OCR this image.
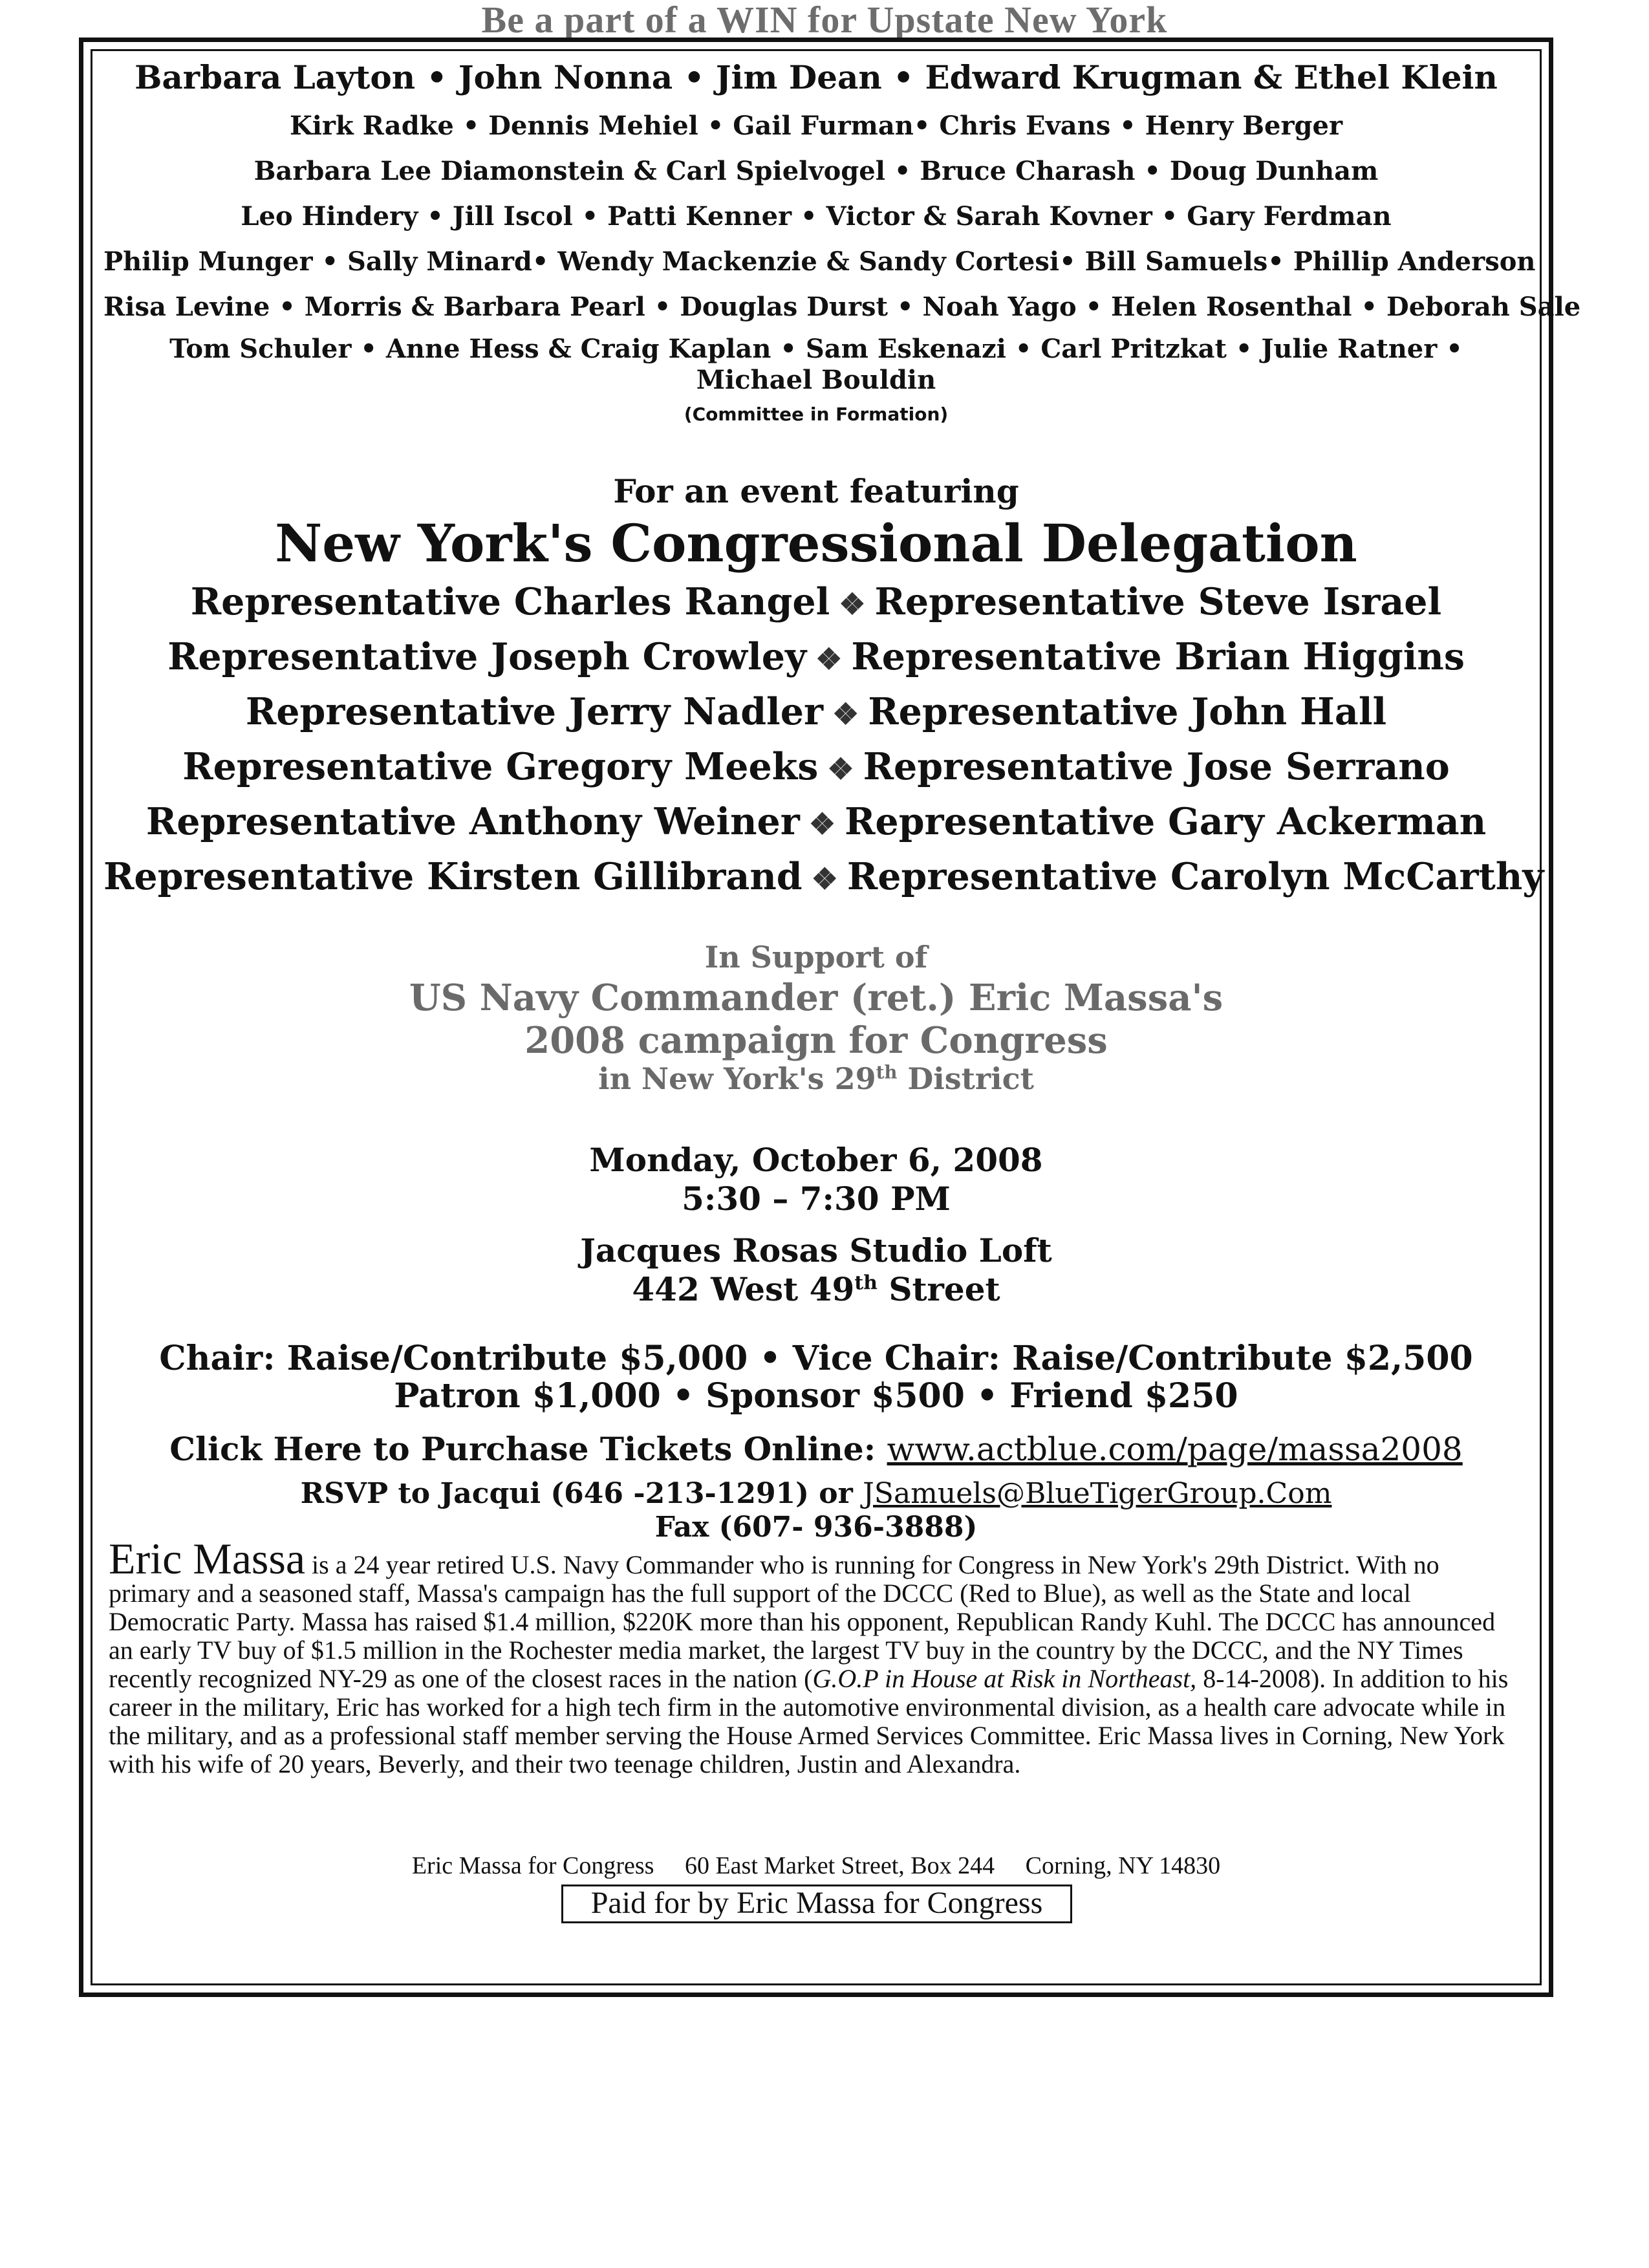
Be a part of a WIN for Upstate New York
Barbara Layton • John Nonna • Jim Dean • Edward Krugman & Ethel Klein
Kirk Radke • Dennis Mehiel • Gail Furman• Chris Evans • Henry Berger
Barbara Lee Diamonstein & Carl Spielvogel • Bruce Charash • Doug Dunham
Leo Hindery • Jill Iscol • Patti Kenner • Victor & Sarah Kovner • Gary Ferdman
Philip Munger • Sally Minard• Wendy Mackenzie & Sandy Cortesi• Bill Samuels• Phillip Anderson
Risa Levine • Morris & Barbara Pearl • Douglas Durst • Noah Yago • Helen Rosenthal • Deborah Sale
Tom Schuler • Anne Hess & Craig Kaplan • Sam Eskenazi • Carl Pritzkat • Julie Ratner • Michael Bouldin
(Committee in Formation)
For an event featuring
New York's Congressional Delegation
Representative Charles Rangel ❖ Representative Steve Israel
Representative Joseph Crowley ❖ Representative Brian Higgins
Representative Jerry Nadler ❖ Representative John Hall
Representative Gregory Meeks ❖ Representative Jose Serrano
Representative Anthony Weiner ❖ Representative Gary Ackerman
Representative Kirsten Gillibrand ❖ Representative Carolyn McCarthy
In Support of
US Navy Commander (ret.) Eric Massa's
2008 campaign for Congress
in New York's 29th District
Monday, October 6, 2008
5:30 – 7:30 PM
Jacques Rosas Studio Loft
442 West 49th Street
Chair: Raise/Contribute $5,000 • Vice Chair: Raise/Contribute $2,500
Patron $1,000 • Sponsor $500 • Friend $250
Click Here to Purchase Tickets Online: www.actblue.com/page/massa2008
RSVP to Jacqui (646 -213-1291) or JSamuels@BlueTigerGroup.Com
Fax (607- 936-3888)
Eric Massa is a 24 year retired U.S. Navy Commander who is running for Congress in New York's 29th District. With no primary and a seasoned staff, Massa's campaign has the full support of the DCCC (Red to Blue), as well as the State and local Democratic Party. Massa has raised $1.4 million, $220K more than his opponent, Republican Randy Kuhl. The DCCC has announced an early TV buy of $1.5 million in the Rochester media market, the largest TV buy in the country by the DCCC, and the NY Times recently recognized NY-29 as one of the closest races in the nation (G.O.P in House at Risk in Northeast, 8-14-2008). In addition to his career in the military, Eric has worked for a high tech firm in the automotive environmental division, as a health care advocate while in the military, and as a professional staff member serving the House Armed Services Committee. Eric Massa lives in Corning, New York with his wife of 20 years, Beverly, and their two teenage children, Justin and Alexandra.
Eric Massa for Congress 60 East Market Street, Box 244 Corning, NY 14830
Paid for by Eric Massa for Congress
